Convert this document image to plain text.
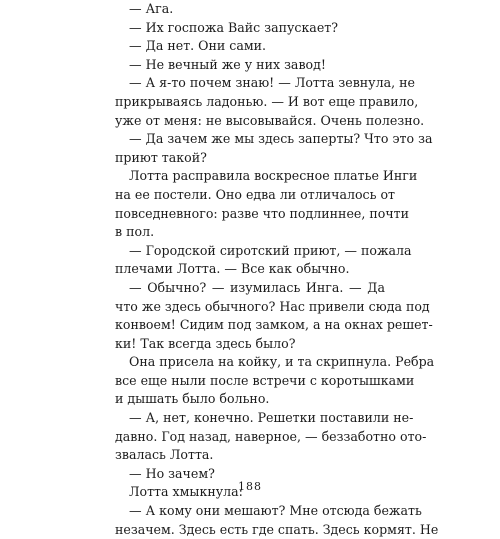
— Ага.
— Их госпожа Вайс запускает?
— Да нет. Они сами.
— Не вечный же у них завод!
— А я-то почем знаю! — Лотта зевнула, не
прикрываясь ладонью. — И вот еще правило,
уже от меня: не высовывайся. Очень полезно.
— Да зачем же мы здесь заперты? Что это за
приют такой?
Лотта расправила воскресное платье Инги
на ее постели. Оно едва ли отличалось от
повседневного: разве что подлиннее, почти
в пол.
— Городской сиротский приют, — пожала
плечами Лотта. — Все как обычно.
— Обычно? — изумилась Инга. — Да
что же здесь обычного? Нас привели сюда под
конвоем! Сидим под замком, а на окнах решет-
ки! Так всегда здесь было?
Она присела на койку, и та скрипнула. Ребра
все еще ныли после встречи с коротышками
и дышать было больно.
— А, нет, конечно. Решетки поставили не-
давно. Год назад, наверное, — беззаботно ото-
звалась Лотта.
— Но зачем?
Лотта хмыкнула:
— А кому они мешают? Мне отсюда бежать
незачем. Здесь есть где спать. Здесь кормят. Не
188
